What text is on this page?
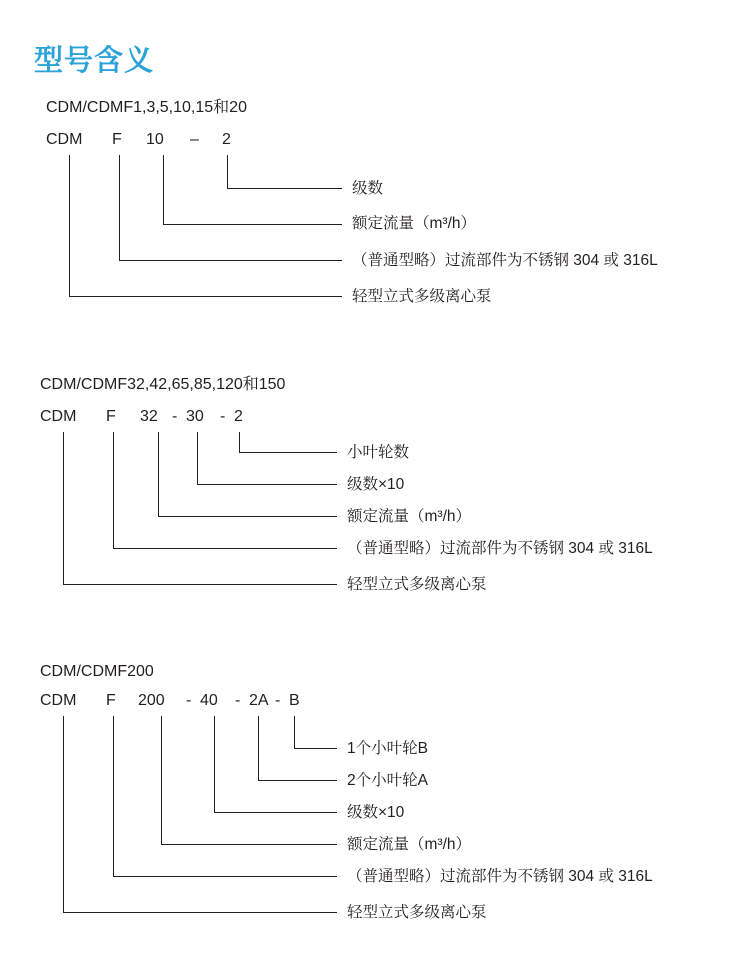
型号含义
CDM/CDMF1,3,5,10,15和20
CDM F 10 – 2
级数
额定流量（m³/h）
（普通型略）过流部件为不锈钢 304 或 316L
轻型立式多级离心泵
CDM/CDMF32,42,65,85,120和150
CDM F 32 - 30 - 2
小叶轮数
级数×10
额定流量（m³/h）
（普通型略）过流部件为不锈钢 304 或 316L
轻型立式多级离心泵
CDM/CDMF200
CDM F 200 - 40 - 2A - B
1个小叶轮B
2个小叶轮A
级数×10
额定流量（m³/h）
（普通型略）过流部件为不锈钢 304 或 316L
轻型立式多级离心泵
